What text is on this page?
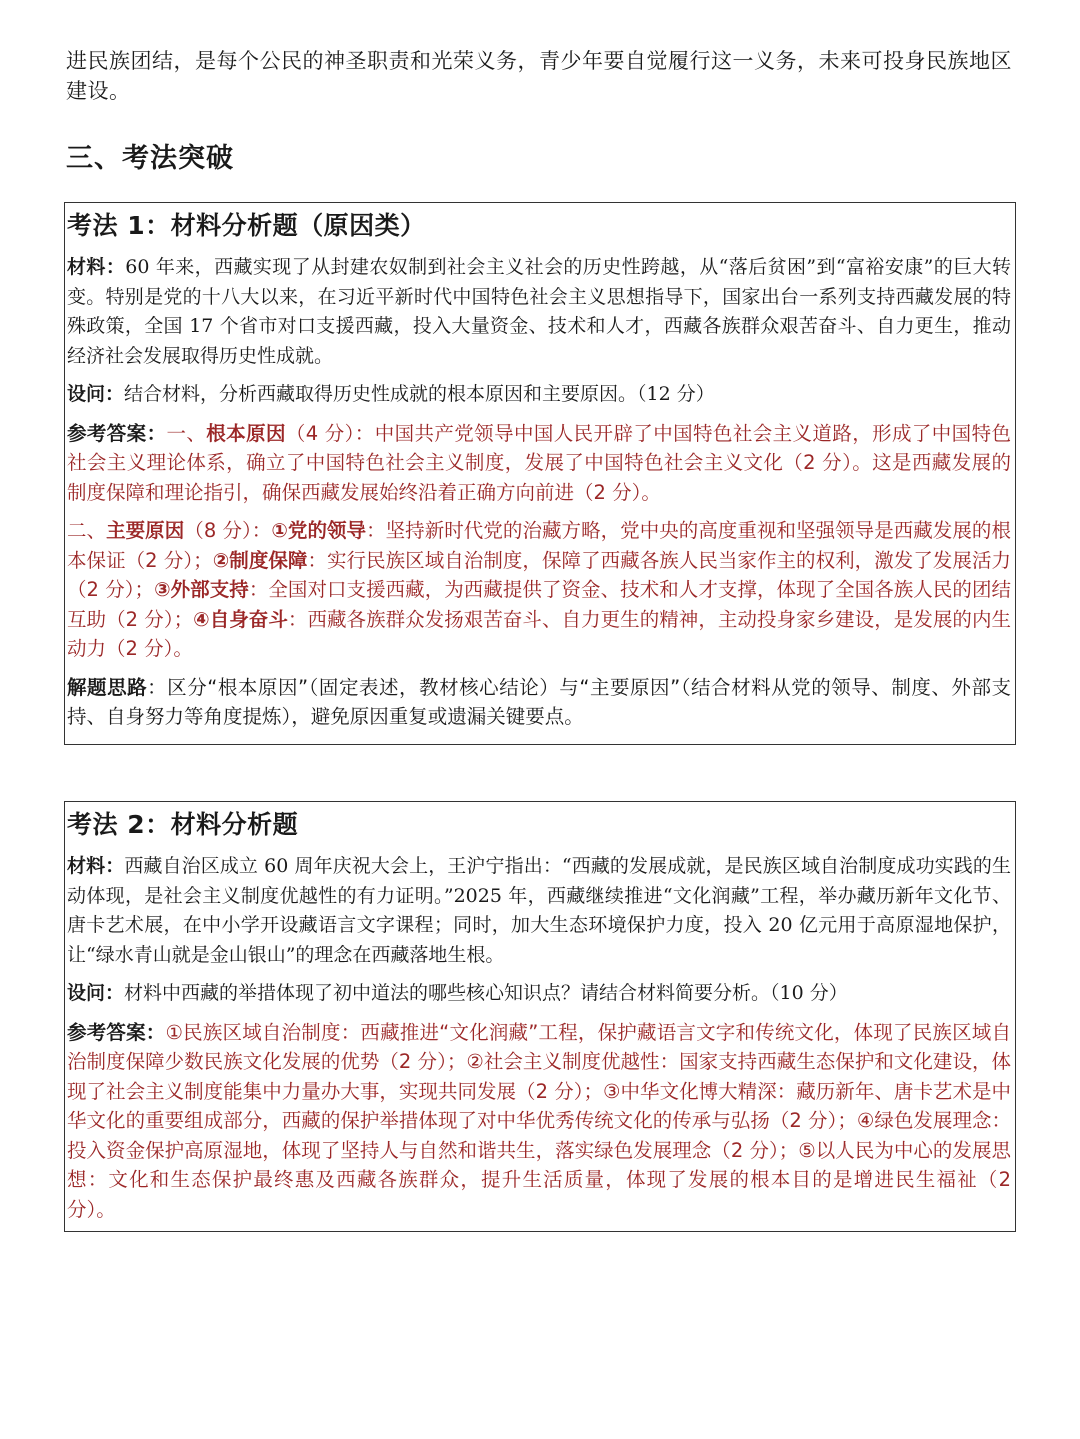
进民族团结，是每个公民的神圣职责和光荣义务，青少年要自觉履行这一义务，未来可投身民族地区建设。

三、考法突破
考法 1：材料分析题（原因类）

材料：60 年来，西藏实现了从封建农奴制到社会主义社会的历史性跨越，从“落后贫困”到“富裕安康”的巨大转变。特别是党的十八大以来，在习近平新时代中国特色社会主义思想指导下，国家出台一系列支持西藏发展的特殊政策，全国 17 个省市对口支援西藏，投入大量资金、技术和人才，西藏各族群众艰苦奋斗、自力更生，推动经济社会发展取得历史性成就。

设问：结合材料，分析西藏取得历史性成就的根本原因和主要原因。（12 分）

参考答案：一、根本原因（4 分）：中国共产党领导中国人民开辟了中国特色社会主义道路，形成了中国特色社会主义理论体系，确立了中国特色社会主义制度，发展了中国特色社会主义文化（2 分）。这是西藏发展的制度保障和理论指引，确保西藏发展始终沿着正确方向前进（2 分）。

二、主要原因（8 分）：①党的领导：坚持新时代党的治藏方略，党中央的高度重视和坚强领导是西藏发展的根本保证（2 分）；②制度保障：实行民族区域自治制度，保障了西藏各族人民当家作主的权利，激发了发展活力（2 分）；③外部支持：全国对口支援西藏，为西藏提供了资金、技术和人才支撑，体现了全国各族人民的团结互助（2 分）；④自身奋斗：西藏各族群众发扬艰苦奋斗、自力更生的精神，主动投身家乡建设，是发展的内生动力（2 分）。

解题思路：区分“根本原因”（固定表述，教材核心结论）与“主要原因”（结合材料从党的领导、制度、外部支持、自身努力等角度提炼），避免原因重复或遗漏关键要点。

考法 2：材料分析题

材料：西藏自治区成立 60 周年庆祝大会上，王沪宁指出：“西藏的发展成就，是民族区域自治制度成功实践的生动体现，是社会主义制度优越性的有力证明。”2025 年，西藏继续推进“文化润藏”工程，举办藏历新年文化节、唐卡艺术展，在中小学开设藏语言文字课程；同时，加大生态环境保护力度，投入 20 亿元用于高原湿地保护，让“绿水青山就是金山银山”的理念在西藏落地生根。

设问：材料中西藏的举措体现了初中道法的哪些核心知识点？请结合材料简要分析。（10 分）

参考答案：①民族区域自治制度：西藏推进“文化润藏”工程，保护藏语言文字和传统文化，体现了民族区域自治制度保障少数民族文化发展的优势（2 分）；②社会主义制度优越性：国家支持西藏生态保护和文化建设，体现了社会主义制度能集中力量办大事，实现共同发展（2 分）；③中华文化博大精深：藏历新年、唐卡艺术是中华文化的重要组成部分，西藏的保护举措体现了对中华优秀传统文化的传承与弘扬（2 分）；④绿色发展理念：投入资金保护高原湿地，体现了坚持人与自然和谐共生，落实绿色发展理念（2 分）；⑤以人民为中心的发展思想：文化和生态保护最终惠及西藏各族群众，提升生活质量，体现了发展的根本目的是增进民生福祉（2 分）。
